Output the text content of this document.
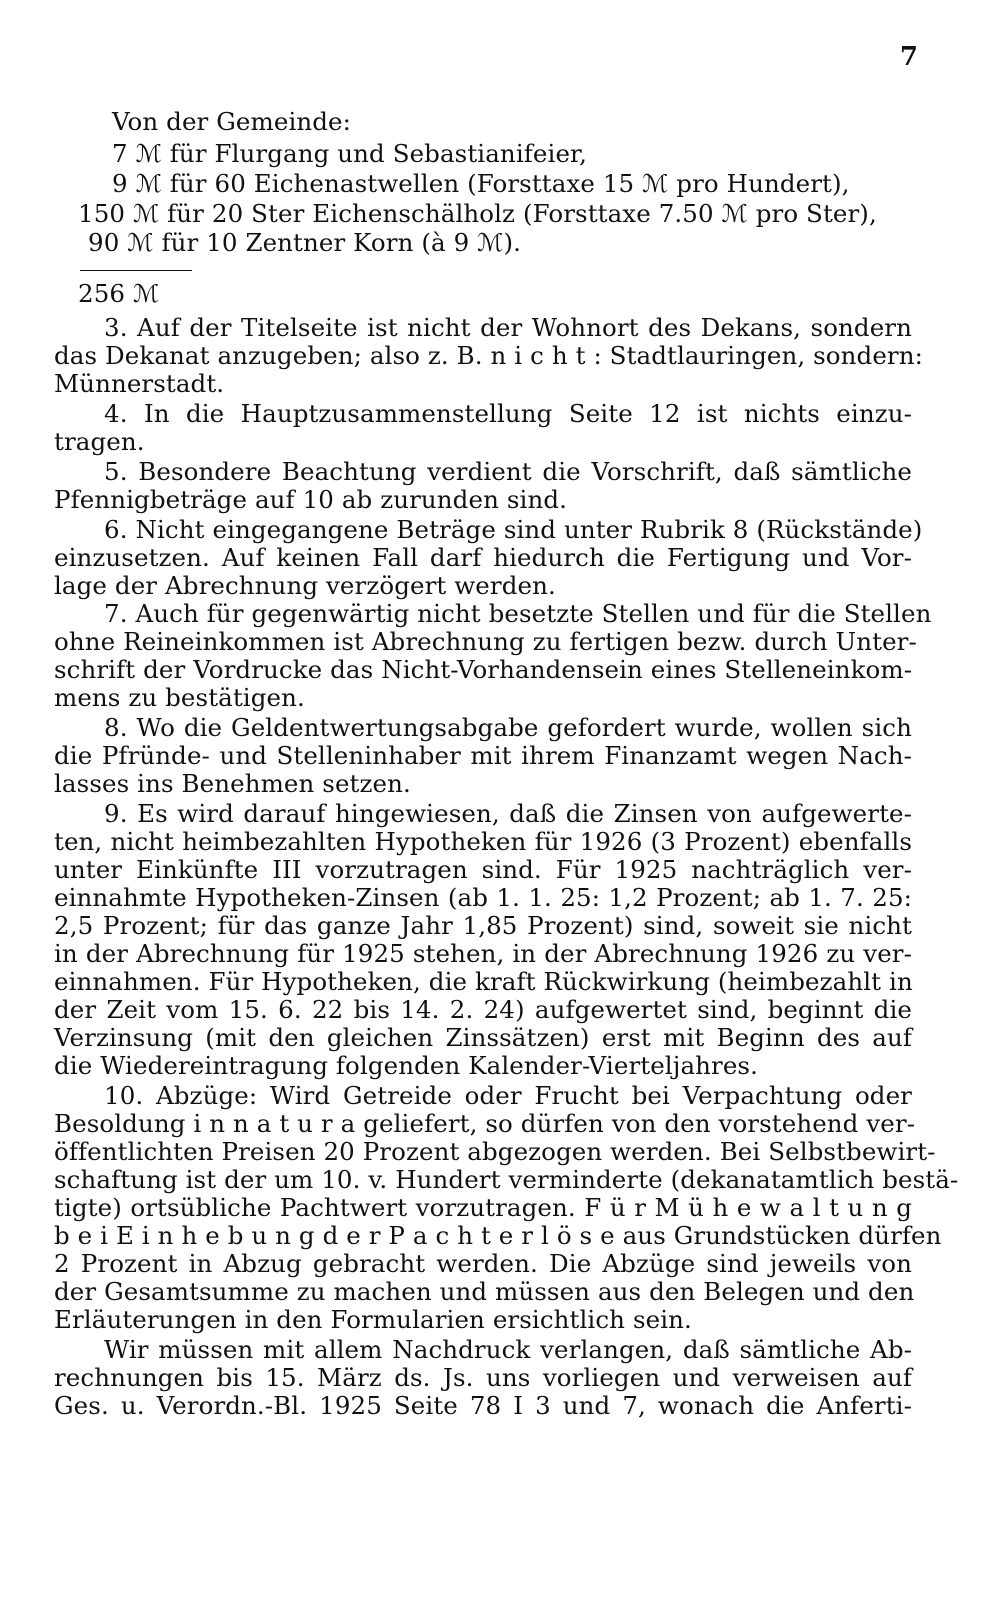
7
Von der Gemeinde:
7 ℳ für Flurgang und Sebastianifeier,
9 ℳ für 60 Eichenastwellen (Forsttaxe 15 ℳ pro Hundert),
150 ℳ für 20 Ster Eichenschälholz (Forsttaxe 7.50 ℳ pro Ster),
90 ℳ für 10 Zentner Korn (à 9 ℳ).
256 ℳ
3. Auf der Titelseite ist nicht der Wohnort des Dekans, sondern
das Dekanat anzugeben; also z. B. n i c h t : Stadtlauringen, sondern:
Münnerstadt.
4. In die Hauptzusammenstellung Seite 12 ist nichts einzu-
tragen.
5. Besondere Beachtung verdient die Vorschrift, daß sämtliche
Pfennigbeträge auf 10 ab zurunden sind.
6. Nicht eingegangene Beträge sind unter Rubrik 8 (Rückstände)
einzusetzen. Auf keinen Fall darf hiedurch die Fertigung und Vor-
lage der Abrechnung verzögert werden.
7. Auch für gegenwärtig nicht besetzte Stellen und für die Stellen
ohne Reineinkommen ist Abrechnung zu fertigen bezw. durch Unter-
schrift der Vordrucke das Nicht-Vorhandensein eines Stelleneinkom-
mens zu bestätigen.
8. Wo die Geldentwertungsabgabe gefordert wurde, wollen sich
die Pfründe- und Stelleninhaber mit ihrem Finanzamt wegen Nach-
lasses ins Benehmen setzen.
9. Es wird darauf hingewiesen, daß die Zinsen von aufgewerte-
ten, nicht heimbezahlten Hypotheken für 1926 (3 Prozent) ebenfalls
unter Einkünfte III vorzutragen sind. Für 1925 nachträglich ver-
einnahmte Hypotheken-Zinsen (ab 1. 1. 25: 1,2 Prozent; ab 1. 7. 25:
2,5 Prozent; für das ganze Jahr 1,85 Prozent) sind, soweit sie nicht
in der Abrechnung für 1925 stehen, in der Abrechnung 1926 zu ver-
einnahmen. Für Hypotheken, die kraft Rückwirkung (heimbezahlt in
der Zeit vom 15. 6. 22 bis 14. 2. 24) aufgewertet sind, beginnt die
Verzinsung (mit den gleichen Zinssätzen) erst mit Beginn des auf
die Wiedereintragung folgenden Kalender-Vierteljahres.
10. Abzüge: Wird Getreide oder Frucht bei Verpachtung oder
Besoldung i n n a t u r a geliefert, so dürfen von den vorstehend ver-
öffentlichten Preisen 20 Prozent abgezogen werden. Bei Selbstbewirt-
schaftung ist der um 10. v. Hundert verminderte (dekanatamtlich bestä-
tigte) ortsübliche Pachtwert vorzutragen. F ü r M ü h e w a l t u n g
b e i E i n h e b u n g d e r P a c h t e r l ö s e aus Grundstücken dürfen
2 Prozent in Abzug gebracht werden. Die Abzüge sind jeweils von
der Gesamtsumme zu machen und müssen aus den Belegen und den
Erläuterungen in den Formularien ersichtlich sein.
Wir müssen mit allem Nachdruck verlangen, daß sämtliche Ab-
rechnungen bis 15. März ds. Js. uns vorliegen und verweisen auf
Ges. u. Verordn.-Bl. 1925 Seite 78 I 3 und 7, wonach die Anferti-
